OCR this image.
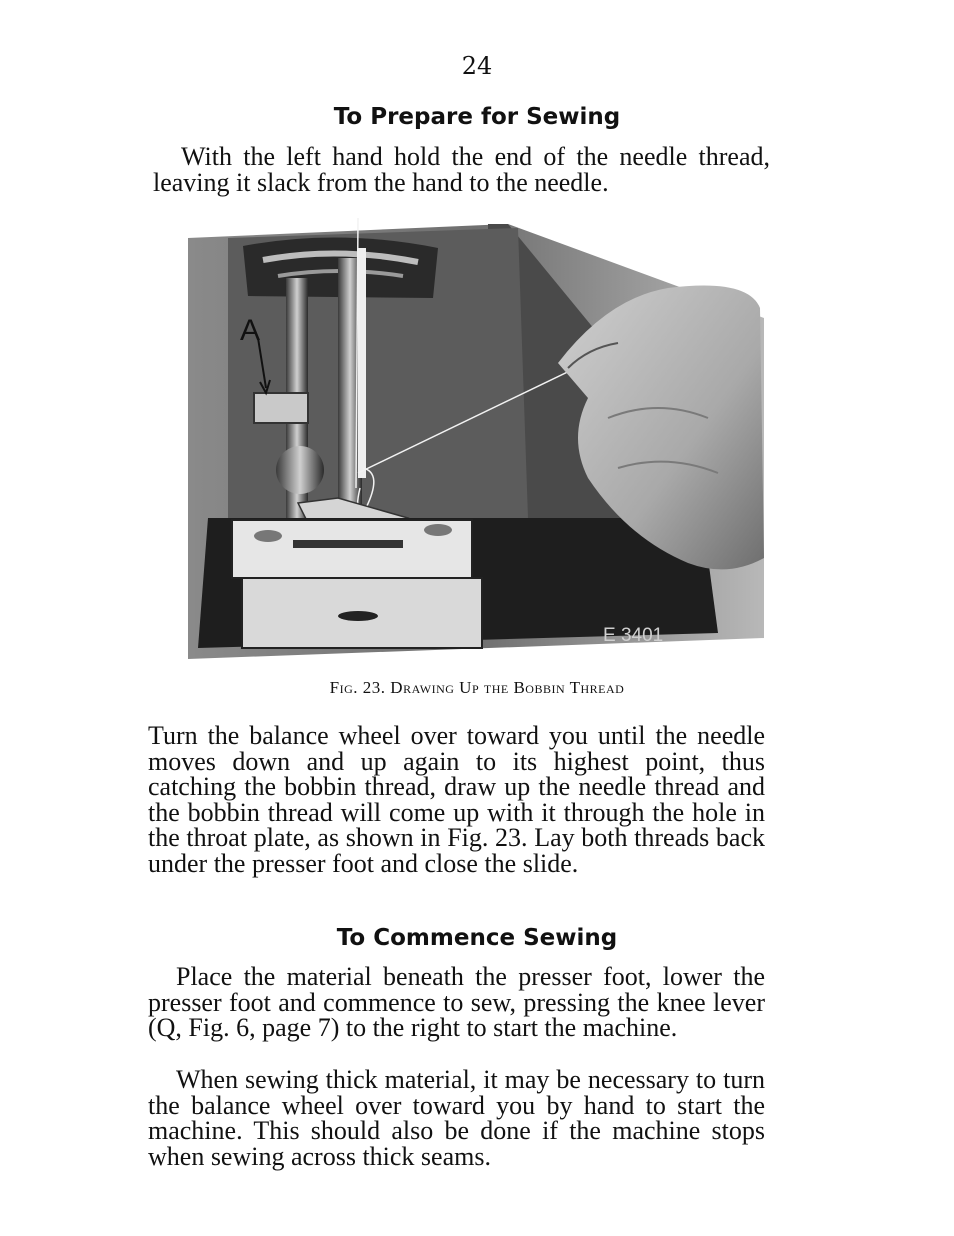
24
To Prepare for Sewing
With the left hand hold the end of the needle thread, leaving it slack from the hand to the needle.
A
E 3401
Fig. 23. Drawing Up the Bobbin Thread
Turn the balance wheel over toward you until the needle moves down and up again to its highest point, thus catching the bobbin thread, draw up the needle thread and the bobbin thread will come up with it through the hole in the throat plate, as shown in Fig. 23. Lay both threads back under the presser foot and close the slide.
To Commence Sewing
Place the material beneath the presser foot, lower the presser foot and commence to sew, pressing the knee lever (Q, Fig. 6, page 7) to the right to start the machine.
When sewing thick material, it may be necessary to turn the balance wheel over toward you by hand to start the machine. This should also be done if the machine stops when sewing across thick seams.
